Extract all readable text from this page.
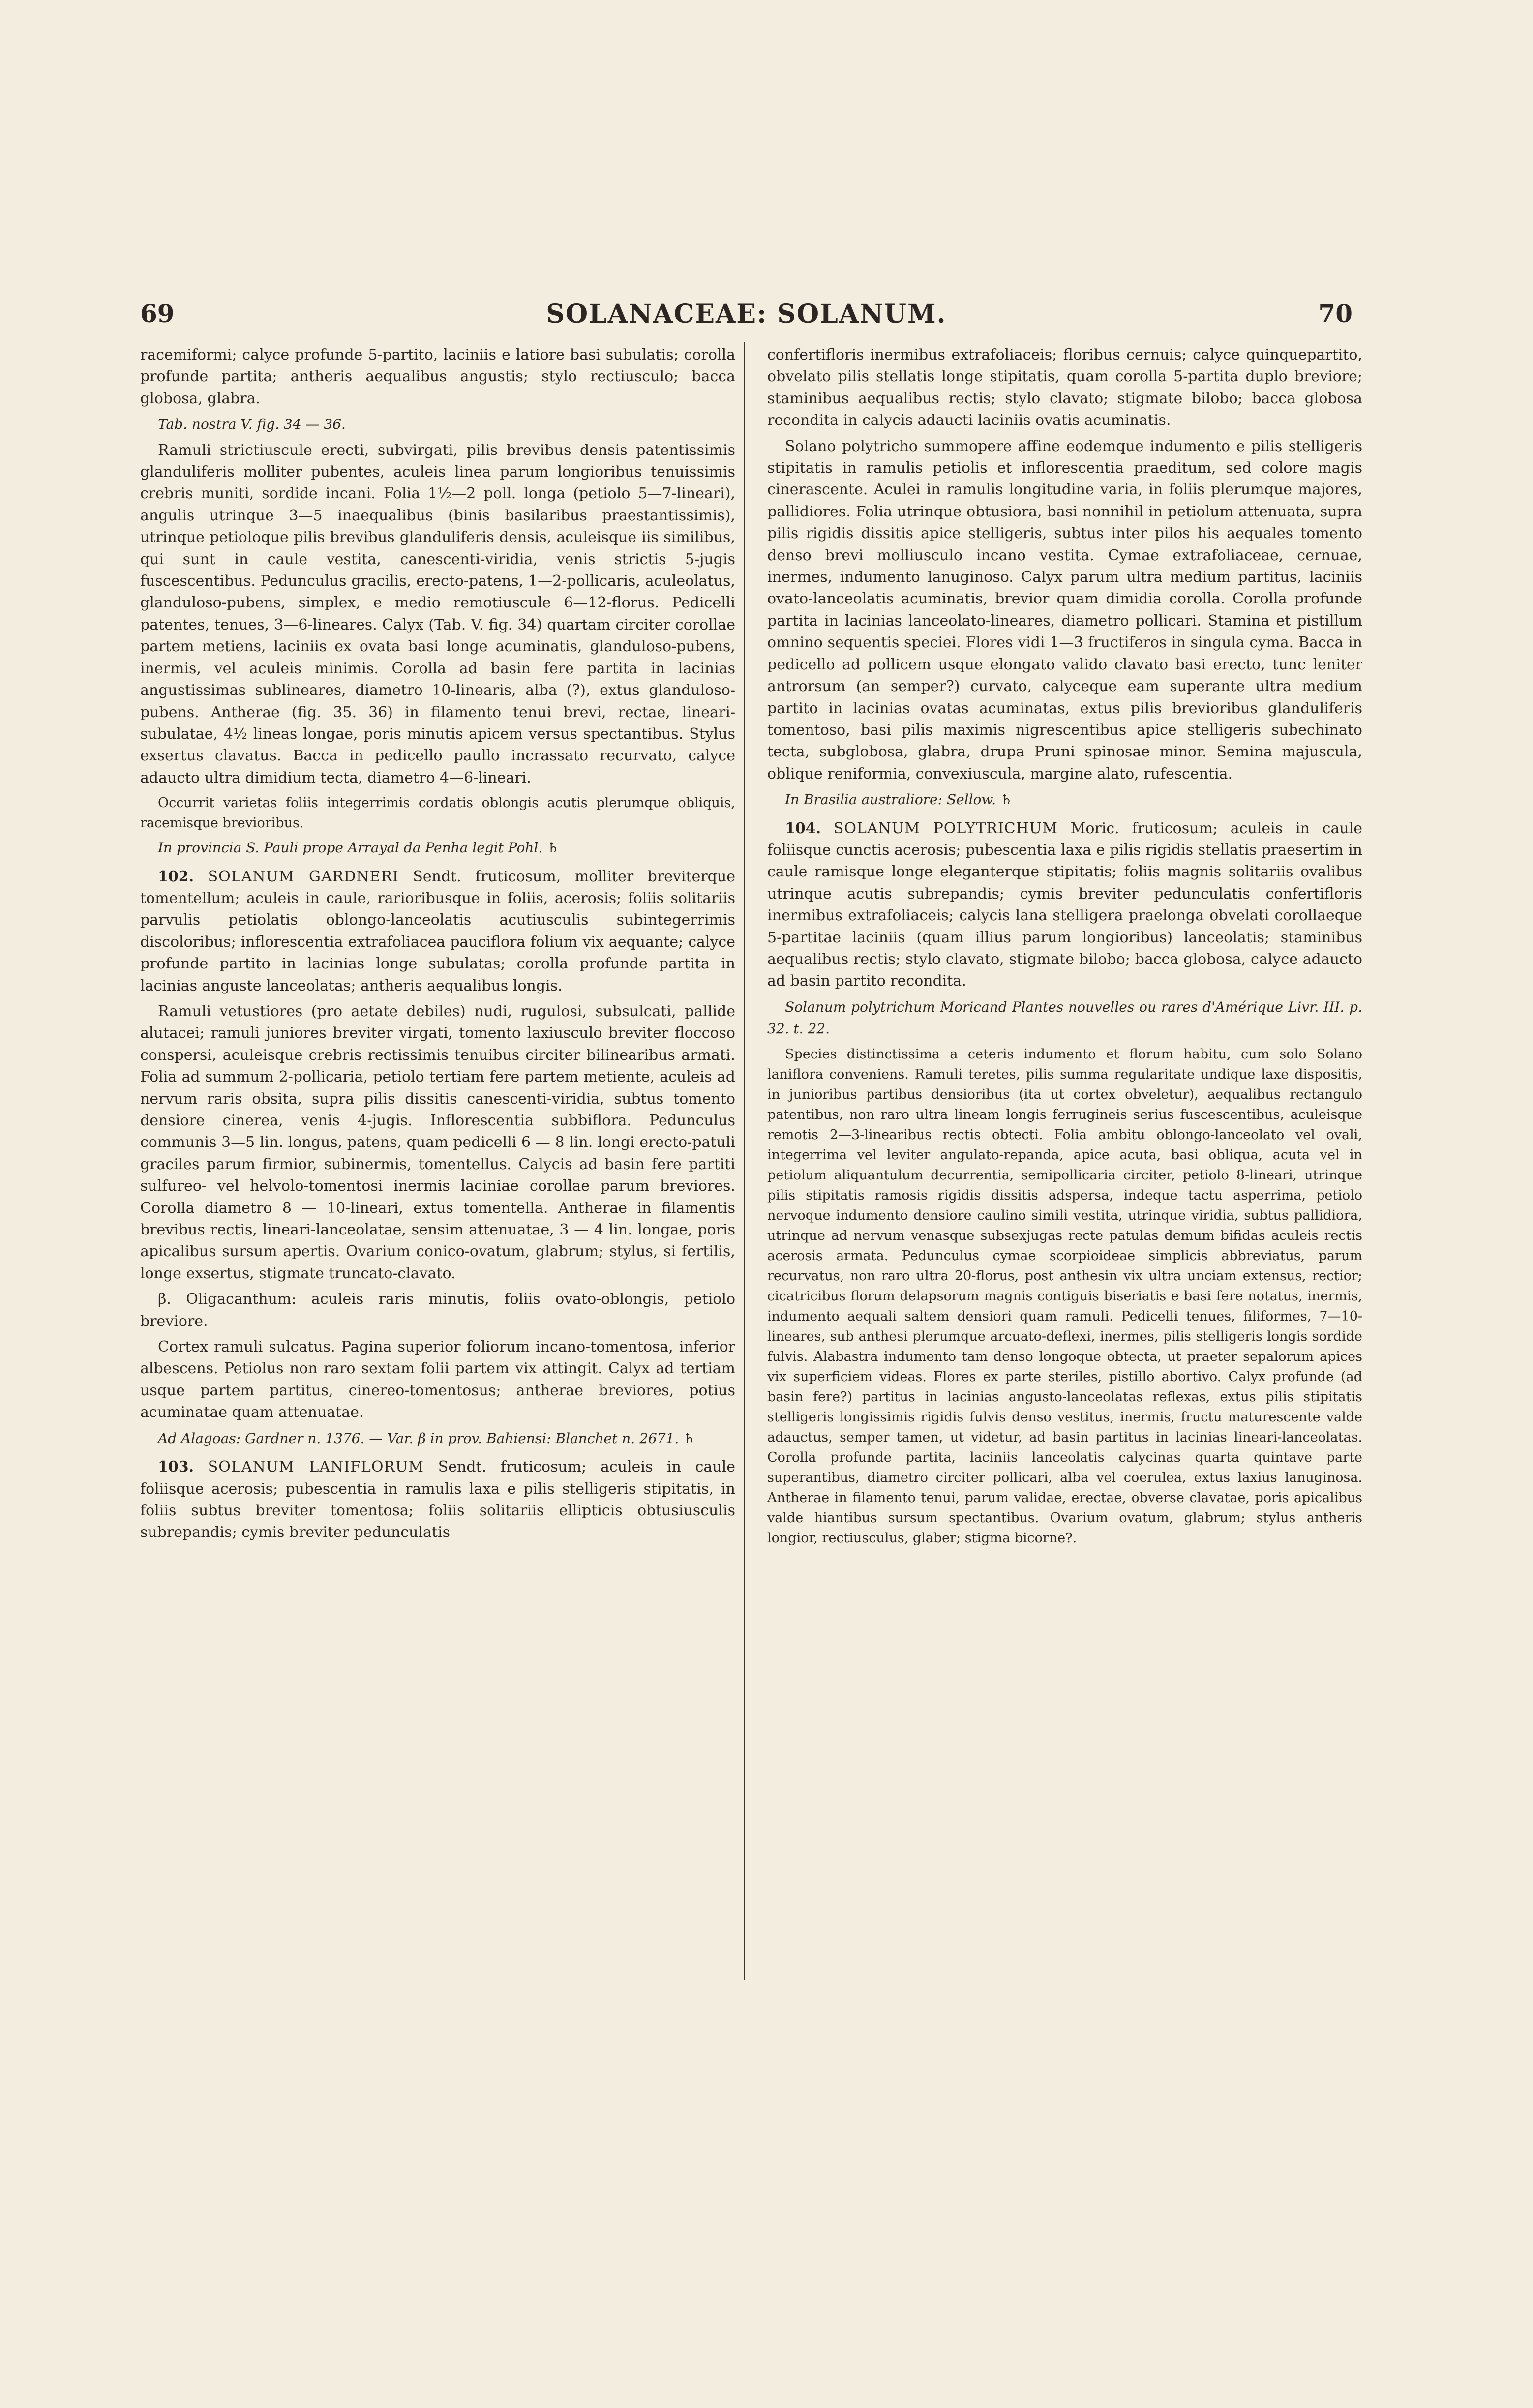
69	SOLANACEAE: SOLANUM.	70

racemiformi; calyce profunde 5-partito, laciniis e latiore basi subulatis; corolla profunde partita; antheris aequalibus angustis; stylo rectiusculo; bacca globosa, glabra.

Tab. nostra V. fig. 34 — 36.

Ramuli strictiuscule erecti, subvirgati, pilis brevibus densis patentissimis glanduliferis molliter pubentes, aculeis linea parum longioribus tenuissimis crebris muniti, sordide incani. Folia 1½—2 poll. longa (petiolo 5—7-lineari), angulis utrinque 3—5 inaequalibus (binis basilaribus praestantissimis), utrinque petioloque pilis brevibus glanduliferis densis, aculeisque iis similibus, qui sunt in caule vestita, canescenti-viridia, venis strictis 5-jugis fuscescentibus. Pedunculus gracilis, erecto-patens, 1—2-pollicaris, aculeolatus, glanduloso-pubens, simplex, e medio remotiuscule 6—12-florus. Pedicelli patentes, tenues, 3—6-lineares. Calyx (Tab. V. fig. 34) quartam circiter corollae partem metiens, laciniis ex ovata basi longe acuminatis, glanduloso-pubens, inermis, vel aculeis minimis. Corolla ad basin fere partita in lacinias angustissimas sublineares, diametro 10-linearis, alba (?), extus glanduloso-pubens. Antherae (fig. 35. 36) in filamento tenui brevi, rectae, lineari-subulatae, 4½ lineas longae, poris minutis apicem versus spectantibus. Stylus exsertus clavatus. Bacca in pedicello paullo incrassato recurvato, calyce adaucto ultra dimidium tecta, diametro 4—6-lineari.

Occurrit varietas foliis integerrimis cordatis oblongis acutis plerumque obliquis, racemisque brevioribus.

In provincia S. Pauli prope Arrayal da Penha legit Pohl. ♄

102. SOLANUM GARDNERI Sendt. fruticosum, molliter breviterque tomentellum; aculeis in caule, rarioribusque in foliis, acerosis; foliis solitariis parvulis petiolatis oblongo-lanceolatis acutiusculis subintegerrimis discoloribus; inflorescentia extrafoliacea pauciflora folium vix aequante; calyce profunde partito in lacinias longe subulatas; corolla profunde partita in lacinias anguste lanceolatas; antheris aequalibus longis.

Ramuli vetustiores (pro aetate debiles) nudi, rugulosi, subsulcati, pallide alutacei; ramuli juniores breviter virgati, tomento laxiusculo breviter floccoso conspersi, aculeisque crebris rectissimis tenuibus circiter bilinearibus armati. Folia ad summum 2-pollicaria, petiolo tertiam fere partem metiente, aculeis ad nervum raris obsita, supra pilis dissitis canescenti-viridia, subtus tomento densiore cinerea, venis 4-jugis. Inflorescentia subbiflora. Pedunculus communis 3—5 lin. longus, patens, quam pedicelli 6 — 8 lin. longi erecto-patuli graciles parum firmior, subinermis, tomentellus. Calycis ad basin fere partiti sulfureo- vel helvolo-tomentosi inermis laciniae corollae parum breviores. Corolla diametro 8 — 10-lineari, extus tomentella. Antherae in filamentis brevibus rectis, lineari-lanceolatae, sensim attenuatae, 3 — 4 lin. longae, poris apicalibus sursum apertis. Ovarium conico-ovatum, glabrum; stylus, si fertilis, longe exsertus, stigmate truncato-clavato.

β. Oligacanthum: aculeis raris minutis, foliis ovato-oblongis, petiolo breviore.

Cortex ramuli sulcatus. Pagina superior foliorum incano-tomentosa, inferior albescens. Petiolus non raro sextam folii partem vix attingit. Calyx ad tertiam usque partem partitus, cinereo-tomentosus; antherae breviores, potius acuminatae quam attenuatae.

Ad Alagoas: Gardner n. 1376. — Var. β in prov. Bahiensi: Blanchet n. 2671. ♄

103. SOLANUM LANIFLORUM Sendt. fruticosum; aculeis in caule foliisque acerosis; pubescentia in ramulis laxa e pilis stelligeris stipitatis, in foliis subtus breviter tomentosa; foliis solitariis ellipticis obtusiusculis subrepandis; cymis breviter pedunculatis

confertifloris inermibus extrafoliaceis; floribus cernuis; calyce quinquepartito, obvelato pilis stellatis longe stipitatis, quam corolla 5-partita duplo breviore; staminibus aequalibus rectis; stylo clavato; stigmate bilobo; bacca globosa recondita in calycis adaucti laciniis ovatis acuminatis.

Solano polytricho summopere affine eodemque indumento e pilis stelligeris stipitatis in ramulis petiolis et inflorescentia praeditum, sed colore magis cinerascente. Aculei in ramulis longitudine varia, in foliis plerumque majores, pallidiores. Folia utrinque obtusiora, basi nonnihil in petiolum attenuata, supra pilis rigidis dissitis apice stelligeris, subtus inter pilos his aequales tomento denso brevi molliusculo incano vestita. Cymae extrafoliaceae, cernuae, inermes, indumento lanuginoso. Calyx parum ultra medium partitus, laciniis ovato-lanceolatis acuminatis, brevior quam dimidia corolla. Corolla profunde partita in lacinias lanceolato-lineares, diametro pollicari. Stamina et pistillum omnino sequentis speciei. Flores vidi 1—3 fructiferos in singula cyma. Bacca in pedicello ad pollicem usque elongato valido clavato basi erecto, tunc leniter antrorsum (an semper?) curvato, calyceque eam superante ultra medium partito in lacinias ovatas acuminatas, extus pilis brevioribus glanduliferis tomentoso, basi pilis maximis nigrescentibus apice stelligeris subechinato tecta, subglobosa, glabra, drupa Pruni spinosae minor. Semina majuscula, oblique reniformia, convexiuscula, margine alato, rufescentia.

In Brasilia australiore: Sellow. ♄

104. SOLANUM POLYTRICHUM Moric. fruticosum; aculeis in caule foliisque cunctis acerosis; pubescentia laxa e pilis rigidis stellatis praesertim in caule ramisque longe eleganterque stipitatis; foliis magnis solitariis ovalibus utrinque acutis subrepandis; cymis breviter pedunculatis confertifloris inermibus extrafoliaceis; calycis lana stelligera praelonga obvelati corollaeque 5-partitae laciniis (quam illius parum longioribus) lanceolatis; staminibus aequalibus rectis; stylo clavato, stigmate bilobo; bacca globosa, calyce adaucto ad basin partito recondita.

Solanum polytrichum Moricand Plantes nouvelles ou rares d'Amérique Livr. III. p. 32. t. 22.

Species distinctissima a ceteris indumento et florum habitu, cum solo Solano laniflora conveniens. Ramuli teretes, pilis summa regularitate undique laxe dispositis, in junioribus partibus densioribus (ita ut cortex obveletur), aequalibus rectangulo patentibus, non raro ultra lineam longis ferrugineis serius fuscescentibus, aculeisque remotis 2—3-linearibus rectis obtecti. Folia ambitu oblongo-lanceolato vel ovali, integerrima vel leviter angulato-repanda, apice acuta, basi obliqua, acuta vel in petiolum aliquantulum decurrentia, semipollicaria circiter, petiolo 8-lineari, utrinque pilis stipitatis ramosis rigidis dissitis adspersa, indeque tactu asperrima, petiolo nervoque indumento densiore caulino simili vestita, utrinque viridia, subtus pallidiora, utrinque ad nervum venasque subsexjugas recte patulas demum bifidas aculeis rectis acerosis armata. Pedunculus cymae scorpioideae simplicis abbreviatus, parum recurvatus, non raro ultra 20-florus, post anthesin vix ultra unciam extensus, rectior; cicatricibus florum delapsorum magnis contiguis biseriatis e basi fere notatus, inermis, indumento aequali saltem densiori quam ramuli. Pedicelli tenues, filiformes, 7—10-lineares, sub anthesi plerumque arcuato-deflexi, inermes, pilis stelligeris longis sordide fulvis. Alabastra indumento tam denso longoque obtecta, ut praeter sepalorum apices vix superficiem videas. Flores ex parte steriles, pistillo abortivo. Calyx profunde (ad basin fere?) partitus in lacinias angusto-lanceolatas reflexas, extus pilis stipitatis stelligeris longissimis rigidis fulvis denso vestitus, inermis, fructu maturescente valde adauctus, semper tamen, ut videtur, ad basin partitus in lacinias lineari-lanceolatas. Corolla profunde partita, laciniis lanceolatis calycinas quarta quintave parte superantibus, diametro circiter pollicari, alba vel coerulea, extus laxius lanuginosa. Antherae in filamento tenui, parum validae, erectae, obverse clavatae, poris apicalibus valde hiantibus sursum spectantibus. Ovarium ovatum, glabrum; stylus antheris longior, rectiusculus, glaber; stigma bicorne?.
